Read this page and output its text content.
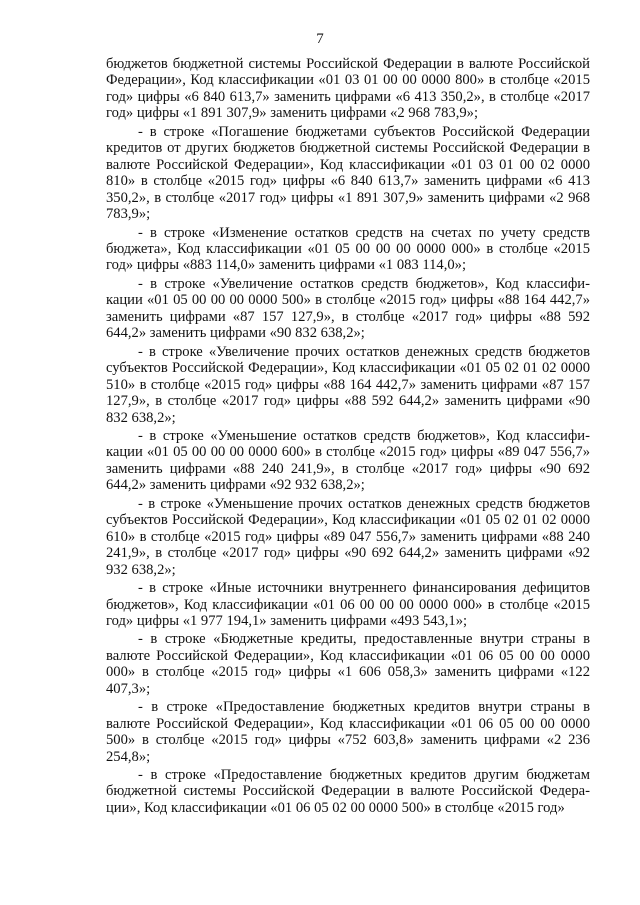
7

бюджетов бюджетной системы Российской Федерации в валюте Российской Федерации», Код классификации «01 03 01 00 00 0000 800» в столбце «2015 год» цифры «6 840 613,7» заменить цифрами «6 413 350,2», в столбце «2017 год» цифры «1 891 307,9» заменить цифрами «2 968 783,9»;

- в строке «Погашение бюджетами субъектов Российской Федерации кредитов от других бюджетов бюджетной системы Российской Федерации в валюте Российской Федерации», Код классификации «01 03 01 00 02 0000 810» в столбце «2015 год» цифры «6 840 613,7» заменить цифрами «6 413 350,2», в столбце «2017 год» цифры «1 891 307,9» заменить цифрами «2 968 783,9»;

- в строке «Изменение остатков средств на счетах по учету средств бюджета», Код классификации «01 05 00 00 00 0000 000» в столбце «2015 год» цифры «883 114,0» заменить цифрами «1 083 114,0»;

- в строке «Увеличение остатков средств бюджетов», Код классификации «01 05 00 00 00 0000 500» в столбце «2015 год» цифры «88 164 442,7» заменить цифрами «87 157 127,9», в столбце «2017 год» цифры «88 592 644,2» заменить цифрами «90 832 638,2»;

- в строке «Увеличение прочих остатков денежных средств бюджетов субъектов Российской Федерации», Код классификации «01 05 02 01 02 0000 510» в столбце «2015 год» цифры «88 164 442,7» заменить цифрами «87 157 127,9», в столбце «2017 год» цифры «88 592 644,2» заменить цифрами «90 832 638,2»;

- в строке «Уменьшение остатков средств бюджетов», Код классификации «01 05 00 00 00 0000 600» в столбце «2015 год» цифры «89 047 556,7» заменить цифрами «88 240 241,9», в столбце «2017 год» цифры «90 692 644,2» заменить цифрами «92 932 638,2»;

- в строке «Уменьшение прочих остатков денежных средств бюджетов субъектов Российской Федерации», Код классификации «01 05 02 01 02 0000 610» в столбце «2015 год» цифры «89 047 556,7» заменить цифрами «88 240 241,9», в столбце «2017 год» цифры «90 692 644,2» заменить цифрами «92 932 638,2»;

- в строке «Иные источники внутреннего финансирования дефицитов бюджетов», Код классификации «01 06 00 00 00 0000 000» в столбце «2015 год» цифры «1 977 194,1» заменить цифрами «493 543,1»;

- в строке «Бюджетные кредиты, предоставленные внутри страны в валюте Российской Федерации», Код классификации «01 06 05 00 00 0000 000» в столбце «2015 год» цифры «1 606 058,3» заменить цифрами «122 407,3»;

- в строке «Предоставление бюджетных кредитов внутри страны в валюте Российской Федерации», Код классификации «01 06 05 00 00 0000 500» в столбце «2015 год» цифры «752 603,8» заменить цифрами «2 236 254,8»;

- в строке «Предоставление бюджетных кредитов другим бюджетам бюджетной системы Российской Федерации в валюте Российской Федерации», Код классификации «01 06 05 02 00 0000 500» в столбце «2015 год»
